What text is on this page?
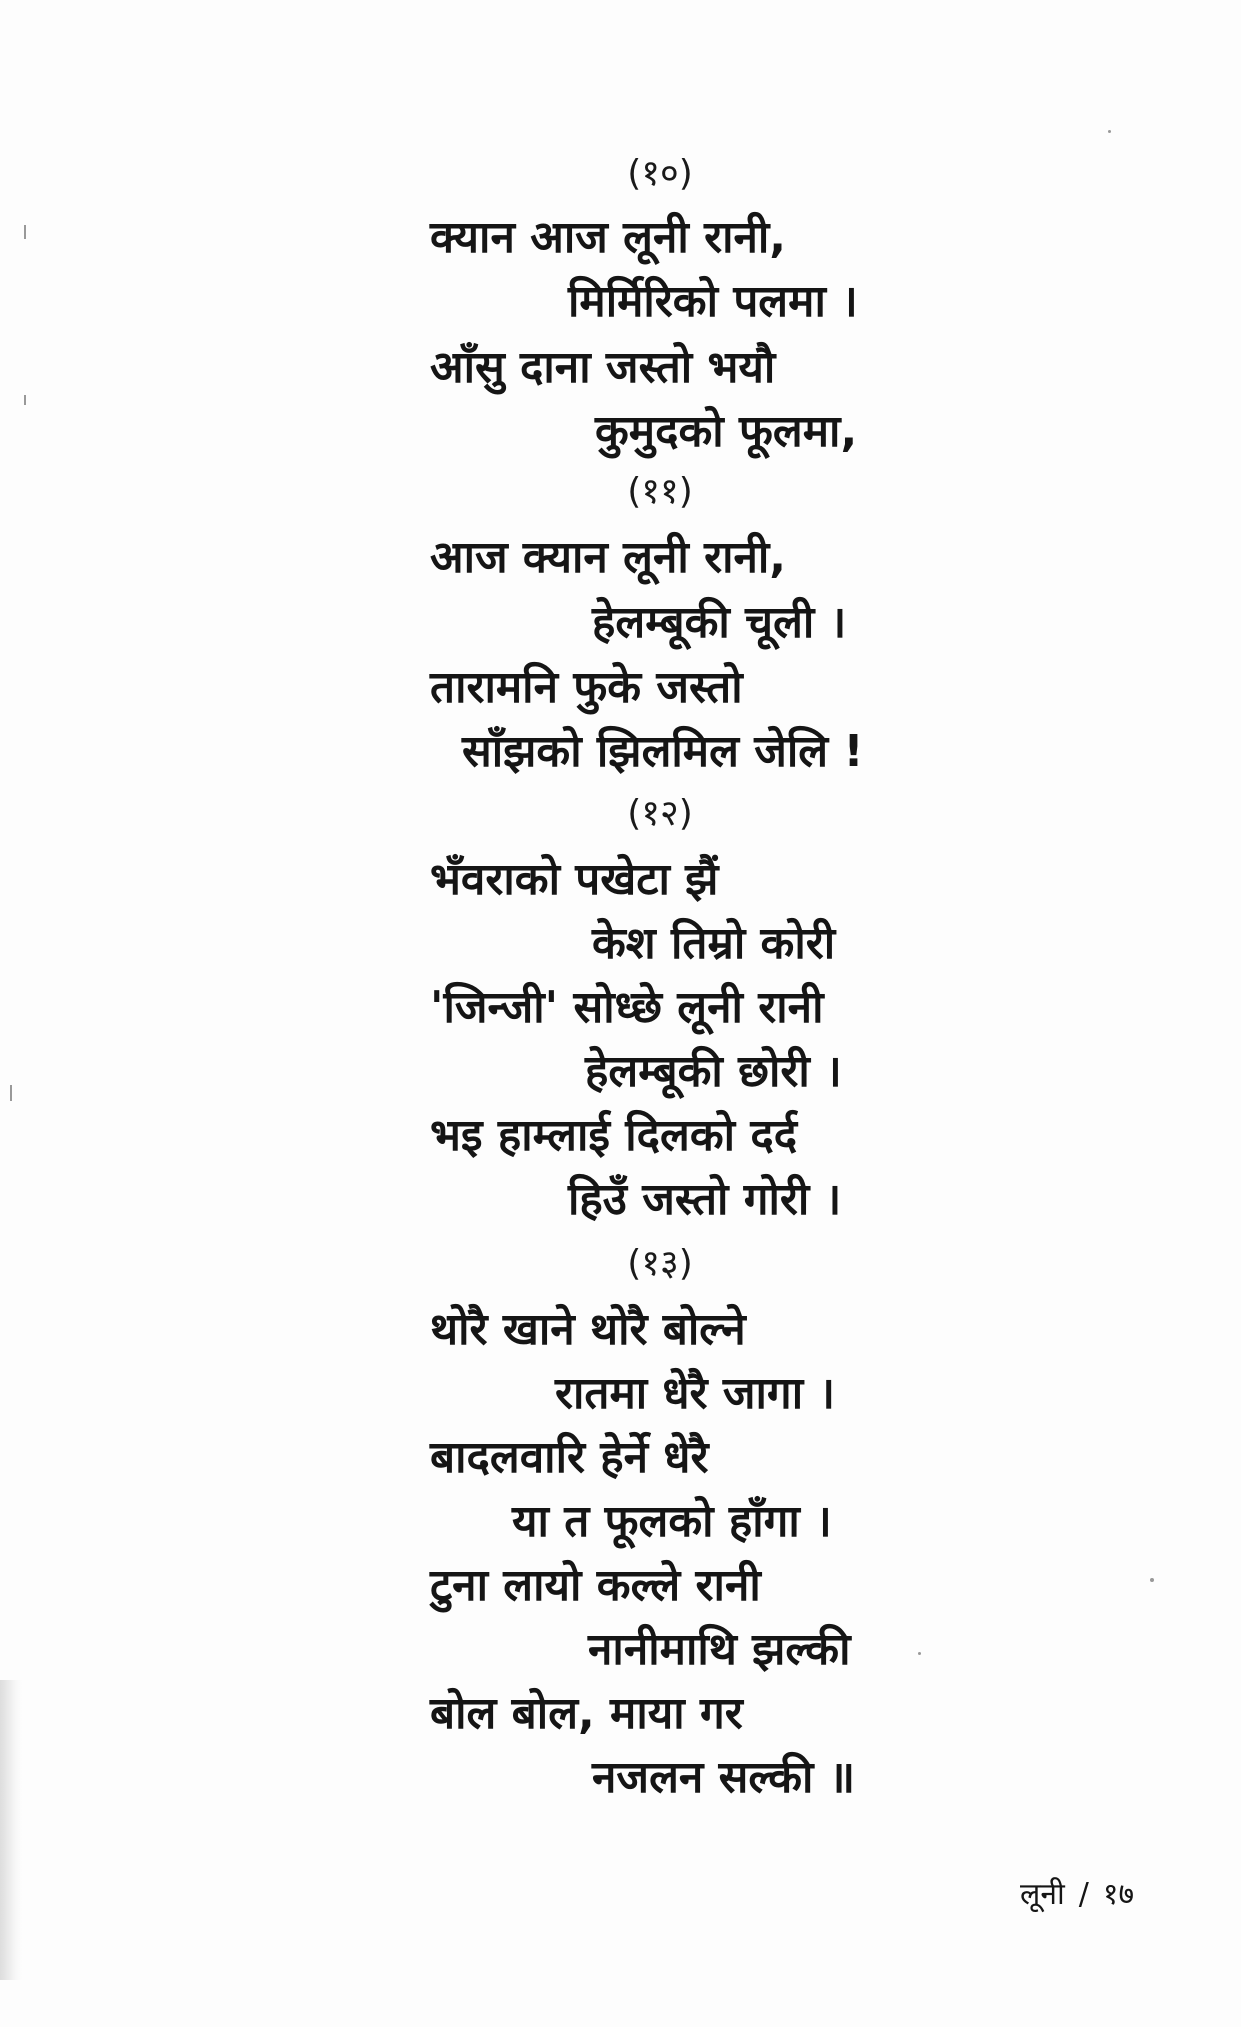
(१०)
क्यान आज लूनी रानी,
मिर्मिरिको पलमा ।
आँसु दाना जस्तो भयौ
कुमुदको फूलमा,
(११)
आज क्यान लूनी रानी,
हेलम्बूकी चूली ।
तारामनि फुके जस्तो
साँझको झिलमिल जेलि !
(१२)
भँवराको पखेटा झैं
केश तिम्रो कोरी
'जिन्जी' सोध्छे लूनी रानी
हेलम्बूकी छोरी ।
भइ हाम्लाई दिलको दर्द
हिउँ जस्तो गोरी ।
(१३)
थोरै खाने थोरै बोल्ने
रातमा धेरै जागा ।
बादलवारि हेर्ने धेरै
या त फूलको हाँगा ।
टुना लायो कल्ले रानी
नानीमाथि झल्की
बोल बोल, माया गर
नजलन सल्की ॥
लूनी / १७
